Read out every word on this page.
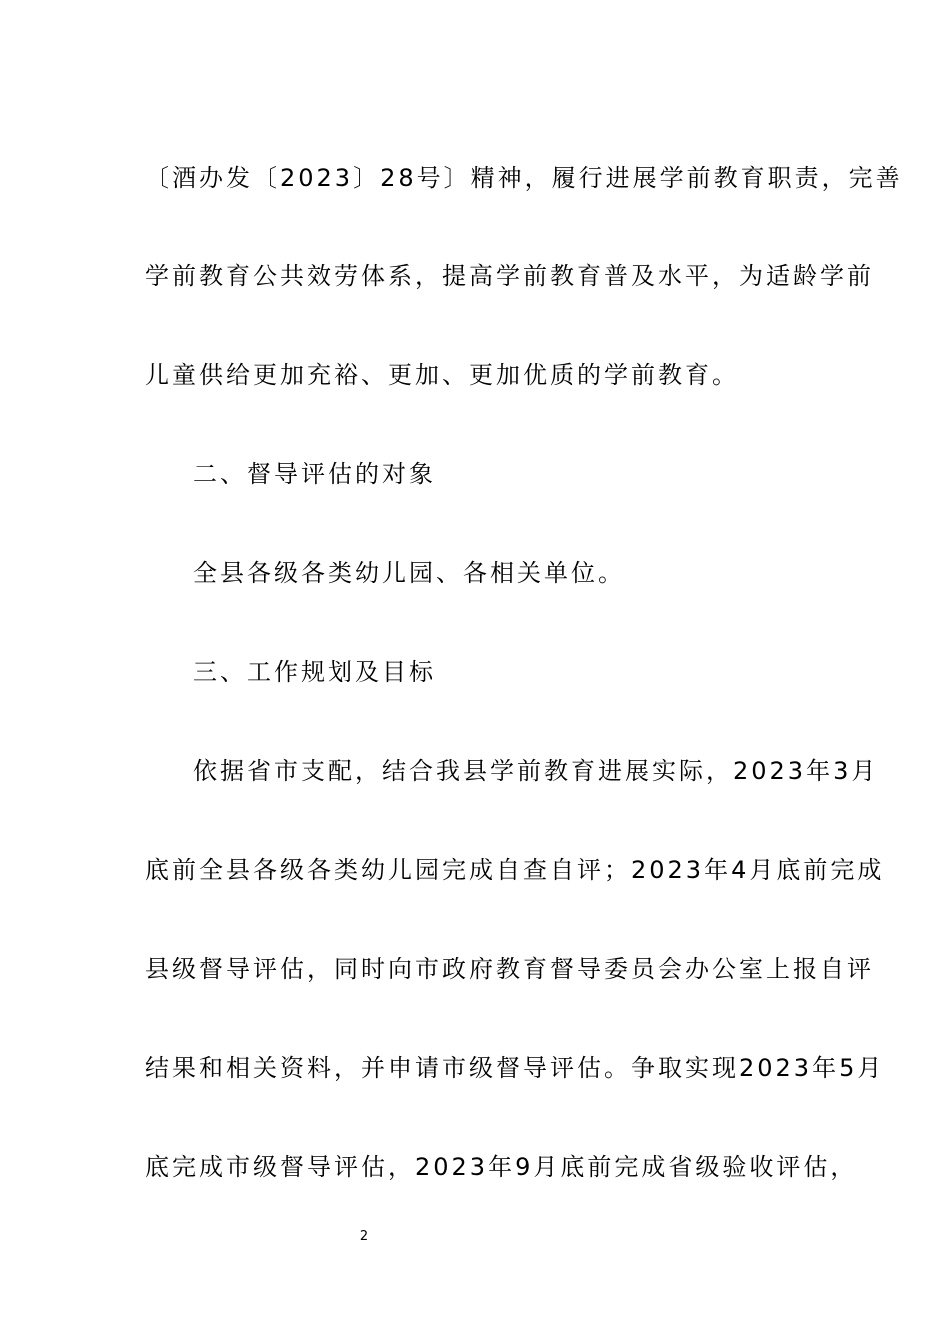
〔酒办发〔2023〕28号〕精神，履行进展学前教育职责，完善

学前教育公共效劳体系，提高学前教育普及水平，为适龄学前

儿童供给更加充裕、更加、更加优质的学前教育。

二、督导评估的对象

全县各级各类幼儿园、各相关单位。

三、工作规划及目标

依据省市支配，结合我县学前教育进展实际，2023年3月

底前全县各级各类幼儿园完成自查自评；2023年4月底前完成

县级督导评估，同时向市政府教育督导委员会办公室上报自评

结果和相关资料，并申请市级督导评估。争取实现2023年5月

底完成市级督导评估，2023年9月底前完成省级验收评估，

2
